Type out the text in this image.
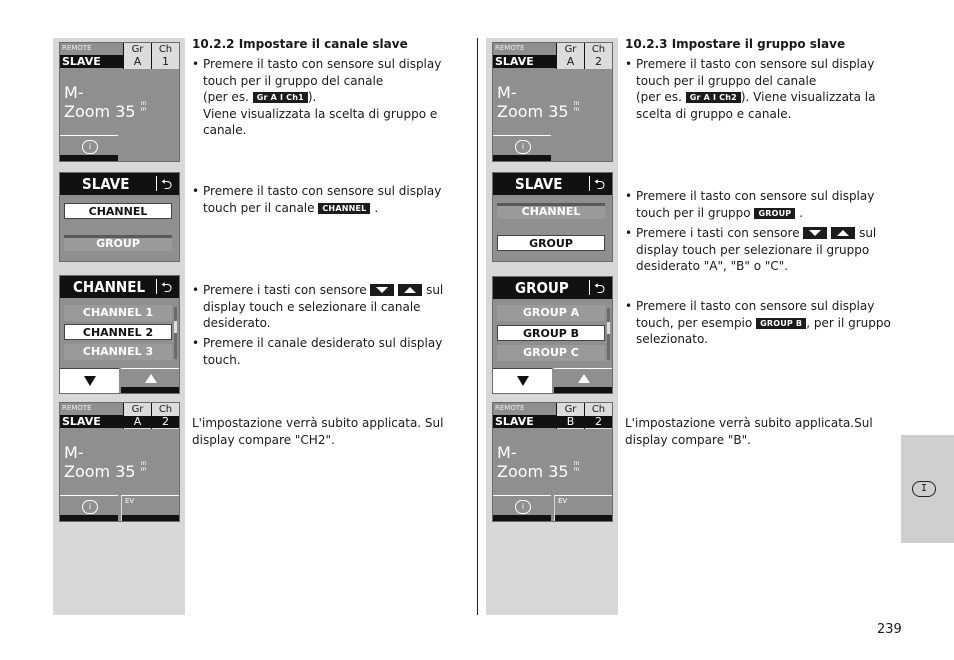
I
239
REMOTE
SLAVE
Gr
A
Ch
1
M-
Zoom 35 m
m
i
SLAVE ⮌
CHANNEL
GROUP
CHANNEL ⮌
CHANNEL 1
CHANNEL 2
CHANNEL 3
REMOTE
SLAVE
Gr
A
Ch
2
M-
Zoom 35 m
m
i
EV
REMOTE
SLAVE
Gr
A
Ch
2
M-
Zoom 35 m
m
i
SLAVE ⮌
CHANNEL
GROUP
GROUP ⮌
GROUP A
GROUP B
GROUP C
REMOTE
SLAVE
Gr
B
Ch
2
M-
Zoom 35 m
m
i
EV
10.2.2 Impostare il canale slave
• Premere il tasto con sensore sul display touch per il gruppo del canale
(per es. Gr A I Ch1 ).
Viene visualizzata la scelta di gruppo e canale.
• Premere il tasto con sensore sul display touch per il canale CHANNEL .
• Premere i tasti con sensore	sul display touch e selezionare il canale desiderato.
• Premere il canale desiderato sul display touch.
L'impostazione verrà subito applicata. Sul display compare "CH2".
10.2.3 Impostare il gruppo slave
• Premere il tasto con sensore sul display touch per il gruppo del canale
(per es. Gr A I Ch2 ). Viene visualizzata la scelta di gruppo e canale.
• Premere il tasto con sensore sul display touch per il gruppo GROUP .
• Premere i tasti con sensore	sul display touch per selezionare il gruppo desiderato "A", "B" o "C".
• Premere il tasto con sensore sul display touch, per esempio GROUP B , per il gruppo selezionato.
L'impostazione verrà subito applicata.Sul display compare "B".
